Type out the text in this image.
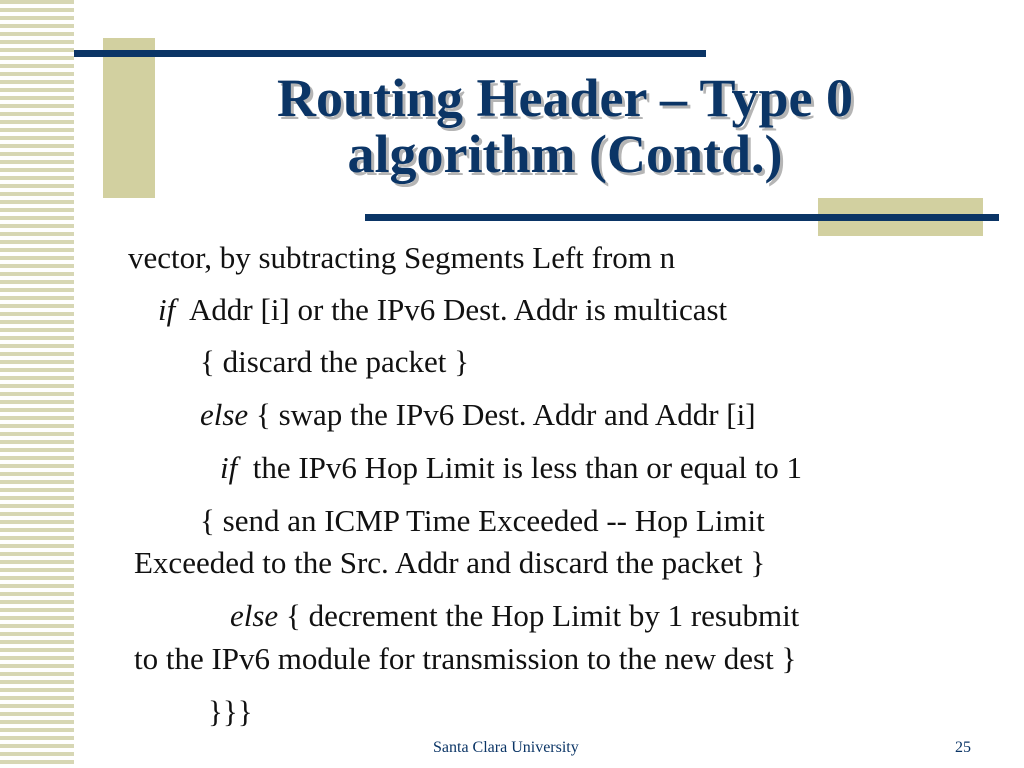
Routing Header – Type 0
algorithm (Contd.)
vector, by subtracting Segments Left from n
if Addr [i] or the IPv6 Dest. Addr is multicast
{ discard the packet }
else { swap the IPv6 Dest. Addr and Addr [i]
if the IPv6 Hop Limit is less than or equal to 1
{ send an ICMP Time Exceeded -- Hop Limit
Exceeded to the Src. Addr and discard the packet }
else { decrement the Hop Limit by 1 resubmit
to the IPv6 module for transmission to the new dest }
}}}
Santa Clara University	25
